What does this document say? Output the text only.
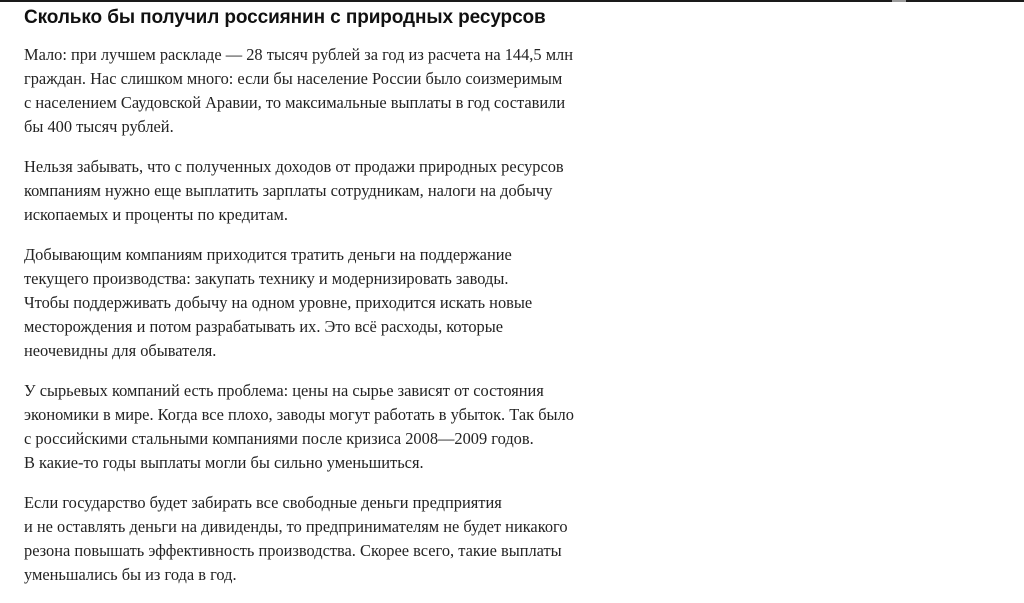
Сколько бы получил россиянин с природных ресурсов

Мало: при лучшем раскладе — 28 тысяч рублей за год из расчета на 144,5 млн
граждан. Нас слишком много: если бы население России было соизмеримым
с населением Саудовской Аравии, то максимальные выплаты в год составили
бы 400 тысяч рублей.

Нельзя забывать, что с полученных доходов от продажи природных ресурсов
компаниям нужно еще выплатить зарплаты сотрудникам, налоги на добычу
ископаемых и проценты по кредитам.

Добывающим компаниям приходится тратить деньги на поддержание
текущего производства: закупать технику и модернизировать заводы.
Чтобы поддерживать добычу на одном уровне, приходится искать новые
месторождения и потом разрабатывать их. Это всё расходы, которые
неочевидны для обывателя.

У сырьевых компаний есть проблема: цены на сырье зависят от состояния
экономики в мире. Когда все плохо, заводы могут работать в убыток. Так было
с российскими стальными компаниями после кризиса 2008—2009 годов.
В какие-то годы выплаты могли бы сильно уменьшиться.

Если государство будет забирать все свободные деньги предприятия
и не оставлять деньги на дивиденды, то предпринимателям не будет никакого
резона повышать эффективность производства. Скорее всего, такие выплаты
уменьшались бы из года в год.
